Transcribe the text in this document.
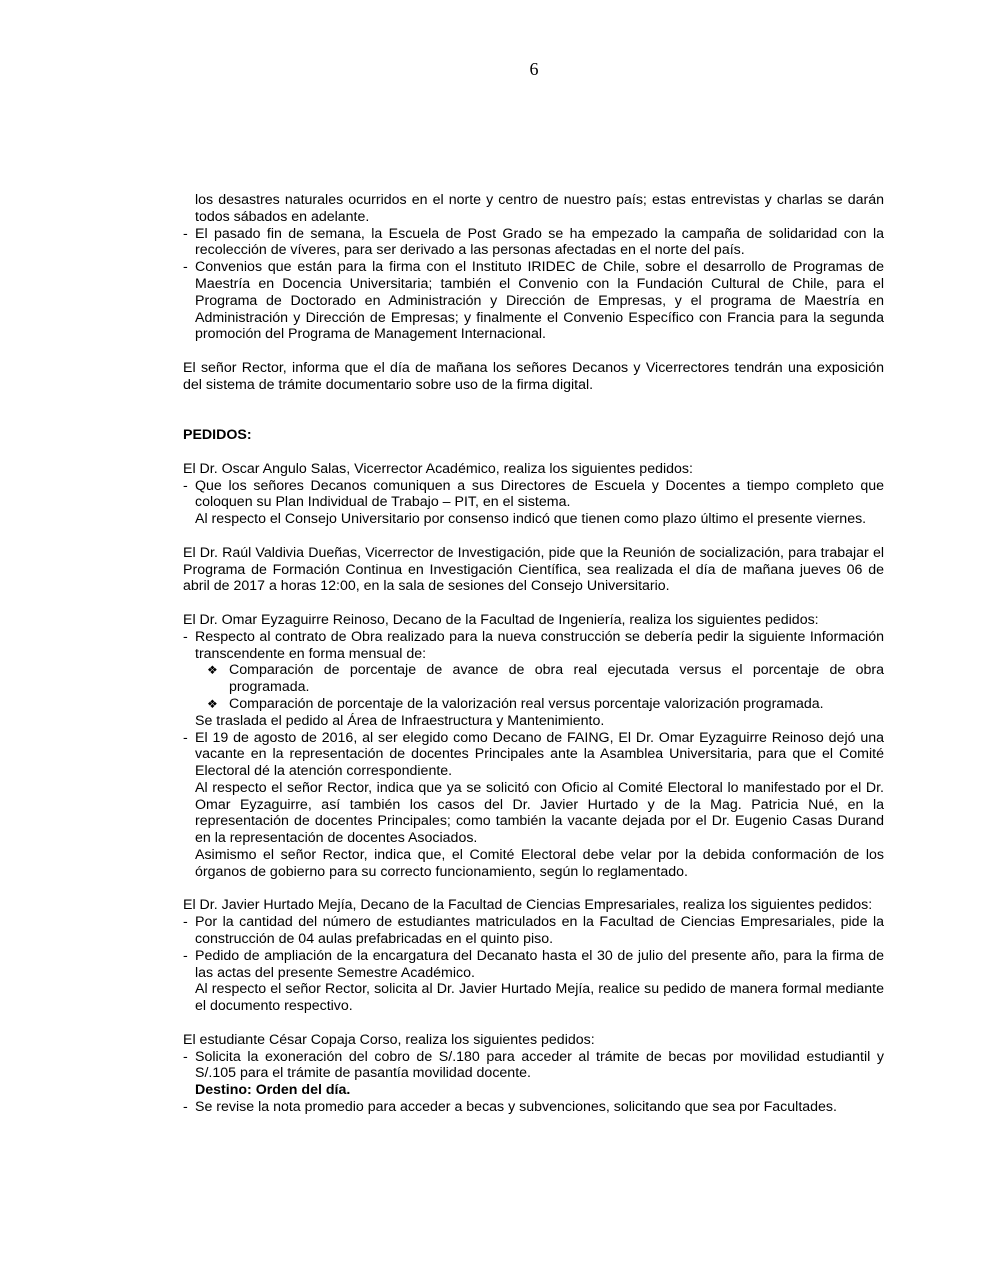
6

los desastres naturales ocurridos en el norte y centro de nuestro país; estas entrevistas y charlas se darán todos sábados en adelante.

- El pasado fin de semana, la Escuela de Post Grado se ha empezado la campaña de solidaridad con la recolección de víveres, para ser derivado a las personas afectadas en el norte del país.

- Convenios que están para la firma con el Instituto IRIDEC de Chile, sobre el desarrollo de Programas de Maestría en Docencia Universitaria; también el Convenio con la Fundación Cultural de Chile, para el Programa de Doctorado en Administración y Dirección de Empresas, y el programa de Maestría en Administración y Dirección de Empresas; y finalmente el Convenio Específico con Francia para la segunda promoción del Programa de Management Internacional.

El señor Rector, informa que el día de mañana los señores Decanos y Vicerrectores tendrán una exposición del sistema de trámite documentario sobre uso de la firma digital.

PEDIDOS:

El Dr. Oscar Angulo Salas, Vicerrector Académico, realiza los siguientes pedidos:

- Que los señores Decanos comuniquen a sus Directores de Escuela y Docentes a tiempo completo que coloquen su Plan Individual de Trabajo – PIT, en el sistema.

Al respecto el Consejo Universitario por consenso indicó que tienen como plazo último el presente viernes.

El Dr. Raúl Valdivia Dueñas, Vicerrector de Investigación, pide que la Reunión de socialización, para trabajar el Programa de Formación Continua en Investigación Científica, sea realizada el día de mañana jueves 06 de abril de 2017 a horas 12:00, en la sala de sesiones del Consejo Universitario.

El Dr. Omar Eyzaguirre Reinoso, Decano de la Facultad de Ingeniería, realiza los siguientes pedidos:

- Respecto al contrato de Obra realizado para la nueva construcción se debería pedir la siguiente Información transcendente en forma mensual de:

❖ Comparación de porcentaje de avance de obra real ejecutada versus el porcentaje de obra programada.
❖ Comparación de porcentaje de la valorización real versus porcentaje valorización programada.

Se traslada el pedido al Área de Infraestructura y Mantenimiento.

- El 19 de agosto de 2016, al ser elegido como Decano de FAING, El Dr. Omar Eyzaguirre Reinoso dejó una vacante en la representación de docentes Principales ante la Asamblea Universitaria, para que el Comité Electoral dé la atención correspondiente.

Al respecto el señor Rector, indica que ya se solicitó con Oficio al Comité Electoral lo manifestado por el Dr. Omar Eyzaguirre, así también los casos del Dr. Javier Hurtado y de la Mag. Patricia Nué, en la representación de docentes Principales; como también la vacante dejada por el Dr. Eugenio Casas Durand en la representación de docentes Asociados.

Asimismo el señor Rector, indica que, el Comité Electoral debe velar por la debida conformación de los órganos de gobierno para su correcto funcionamiento, según lo reglamentado.

El Dr. Javier Hurtado Mejía, Decano de la Facultad de Ciencias Empresariales, realiza los siguientes pedidos:

- Por la cantidad del número de estudiantes matriculados en la Facultad de Ciencias Empresariales, pide la construcción de 04 aulas prefabricadas en el quinto piso.

- Pedido de ampliación de la encargatura del Decanato hasta el 30 de julio del presente año, para la firma de las actas del presente Semestre Académico.

Al respecto el señor Rector, solicita al Dr. Javier Hurtado Mejía, realice su pedido de manera formal mediante el documento respectivo.

El estudiante César Copaja Corso, realiza los siguientes pedidos:

- Solicita la exoneración del cobro de S/.180 para acceder al trámite de becas por movilidad estudiantil y S/.105 para el trámite de pasantía movilidad docente.

Destino: Orden del día.

- Se revise la nota promedio para acceder a becas y subvenciones, solicitando que sea por Facultades.
